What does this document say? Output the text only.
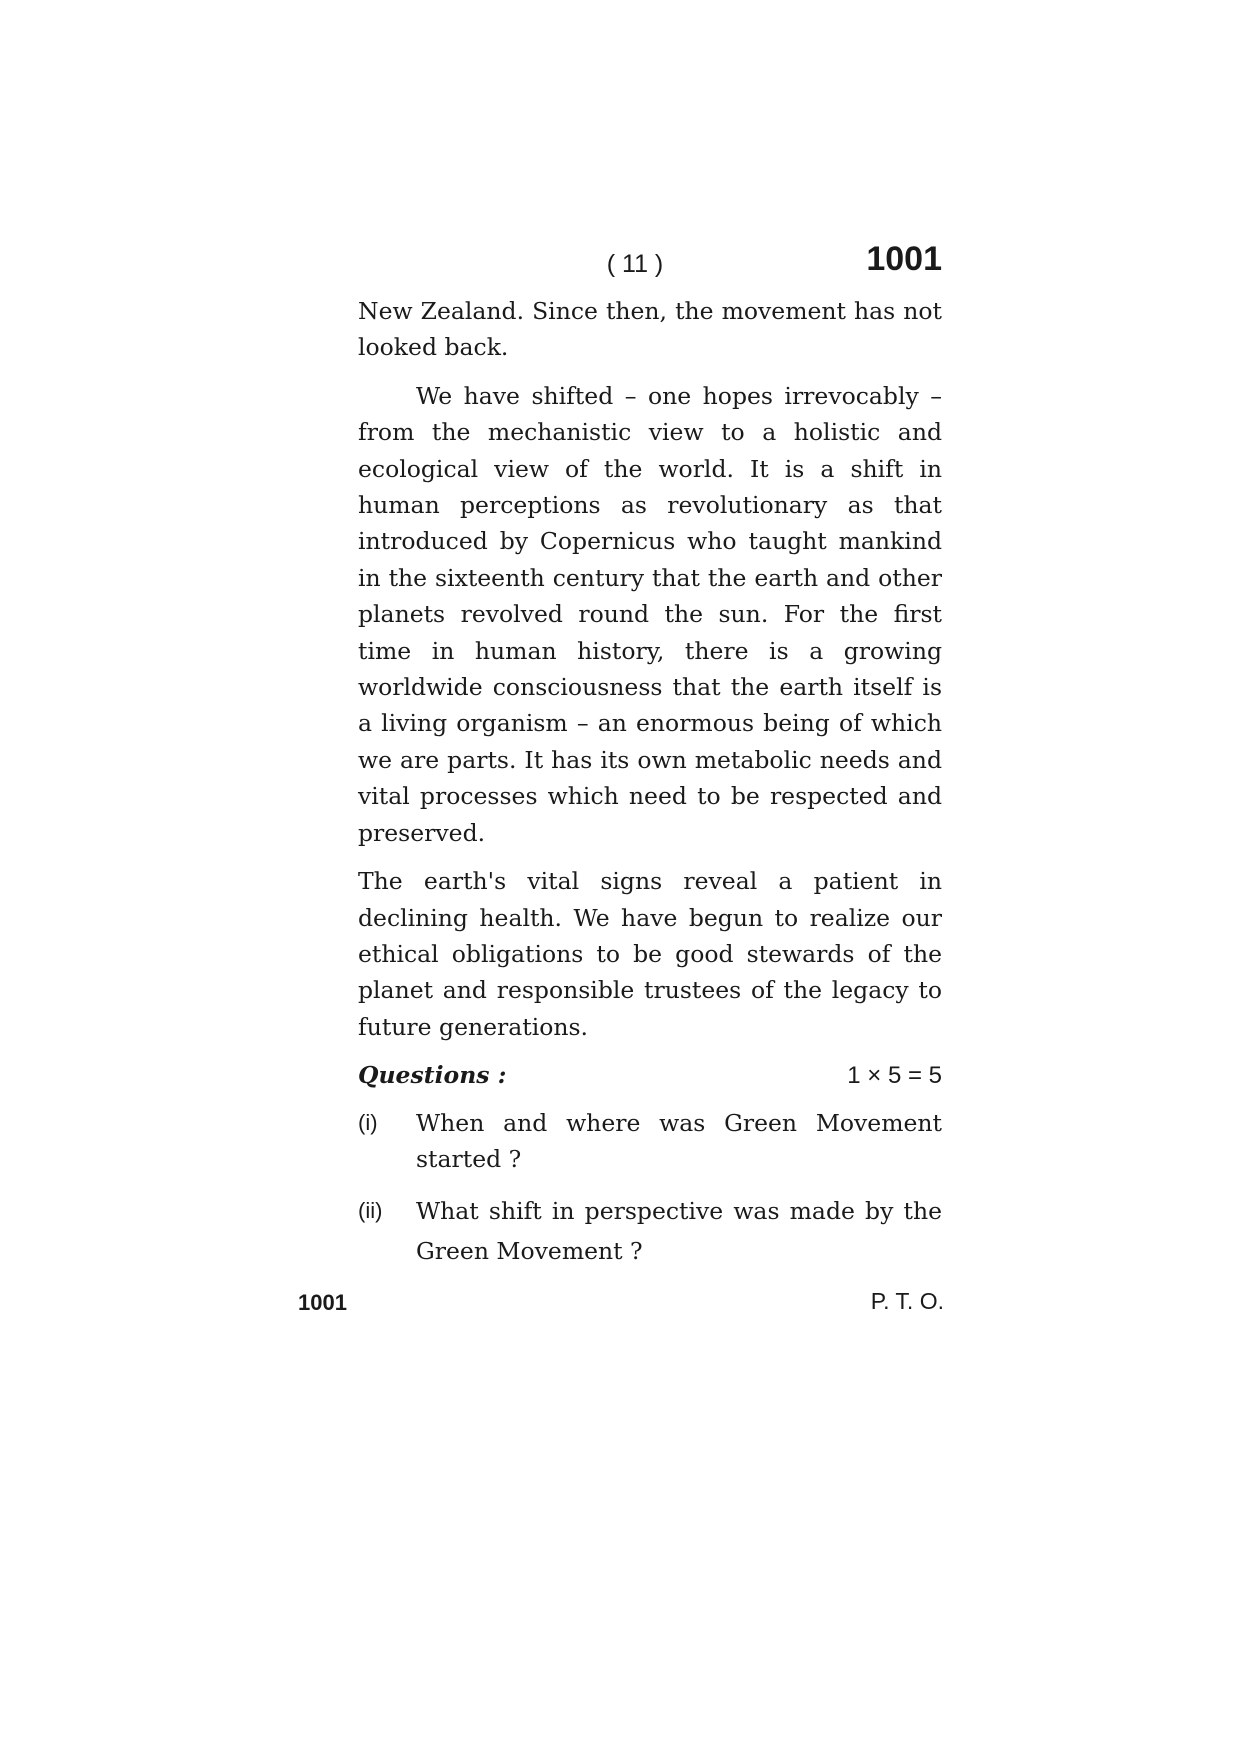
( 11 )	1001

New Zealand. Since then, the movement has not looked back.

We have shifted – one hopes irrevocably – from the mechanistic view to a holistic and ecological view of the world. It is a shift in human perceptions as revolutionary as that introduced by Copernicus who taught mankind in the sixteenth century that the earth and other planets revolved round the sun. For the first time in human history, there is a growing worldwide consciousness that the earth itself is a living organism – an enormous being of which we are parts. It has its own metabolic needs and vital processes which need to be respected and preserved.

The earth's vital signs reveal a patient in declining health. We have begun to realize our ethical obligations to be good stewards of the planet and responsible trustees of the legacy to future generations.

Questions :	1 × 5 = 5
(i)	When and where was Green Movement started ?
(ii)	What shift in perspective was made by the Green Movement ?
1001	P. T. O.
